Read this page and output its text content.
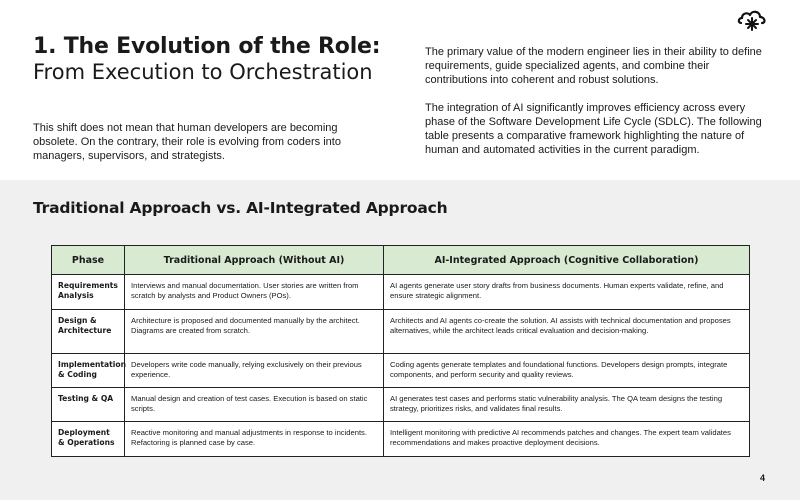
1. The Evolution of the Role:
From Execution to Orchestration

This shift does not mean that human developers are becoming obsolete. On the contrary, their role is evolving from coders into managers, supervisors, and strategists.

The primary value of the modern engineer lies in their ability to define requirements, guide specialized agents, and combine their contributions into coherent and robust solutions.

The integration of AI significantly improves efficiency across every phase of the Software Development Life Cycle (SDLC). The following table presents a comparative framework highlighting the nature of human and automated activities in the current paradigm.

Traditional Approach vs. AI-Integrated Approach
Phase	Traditional Approach (Without AI)	AI-Integrated Approach (Cognitive Collaboration)
Requirements Analysis	Interviews and manual documentation. User stories are written from scratch by analysts and Product Owners (POs).	AI agents generate user story drafts from business documents. Human experts validate, refine, and ensure strategic alignment.
Design & Architecture	Architecture is proposed and documented manually by the architect. Diagrams are created from scratch.	Architects and AI agents co-create the solution. AI assists with technical documentation and proposes alternatives, while the architect leads critical evaluation and decision-making.
Implementation & Coding	Developers write code manually, relying exclusively on their previous experience.	Coding agents generate templates and foundational functions. Developers design prompts, integrate components, and perform security and quality reviews.
Testing & QA	Manual design and creation of test cases. Execution is based on static scripts.	AI generates test cases and performs static vulnerability analysis. The QA team designs the testing strategy, prioritizes risks, and validates final results.
Deployment & Operations	Reactive monitoring and manual adjustments in response to incidents. Refactoring is planned case by case.	Intelligent monitoring with predictive AI recommends patches and changes. The expert team validates recommendations and makes proactive deployment decisions.
4
